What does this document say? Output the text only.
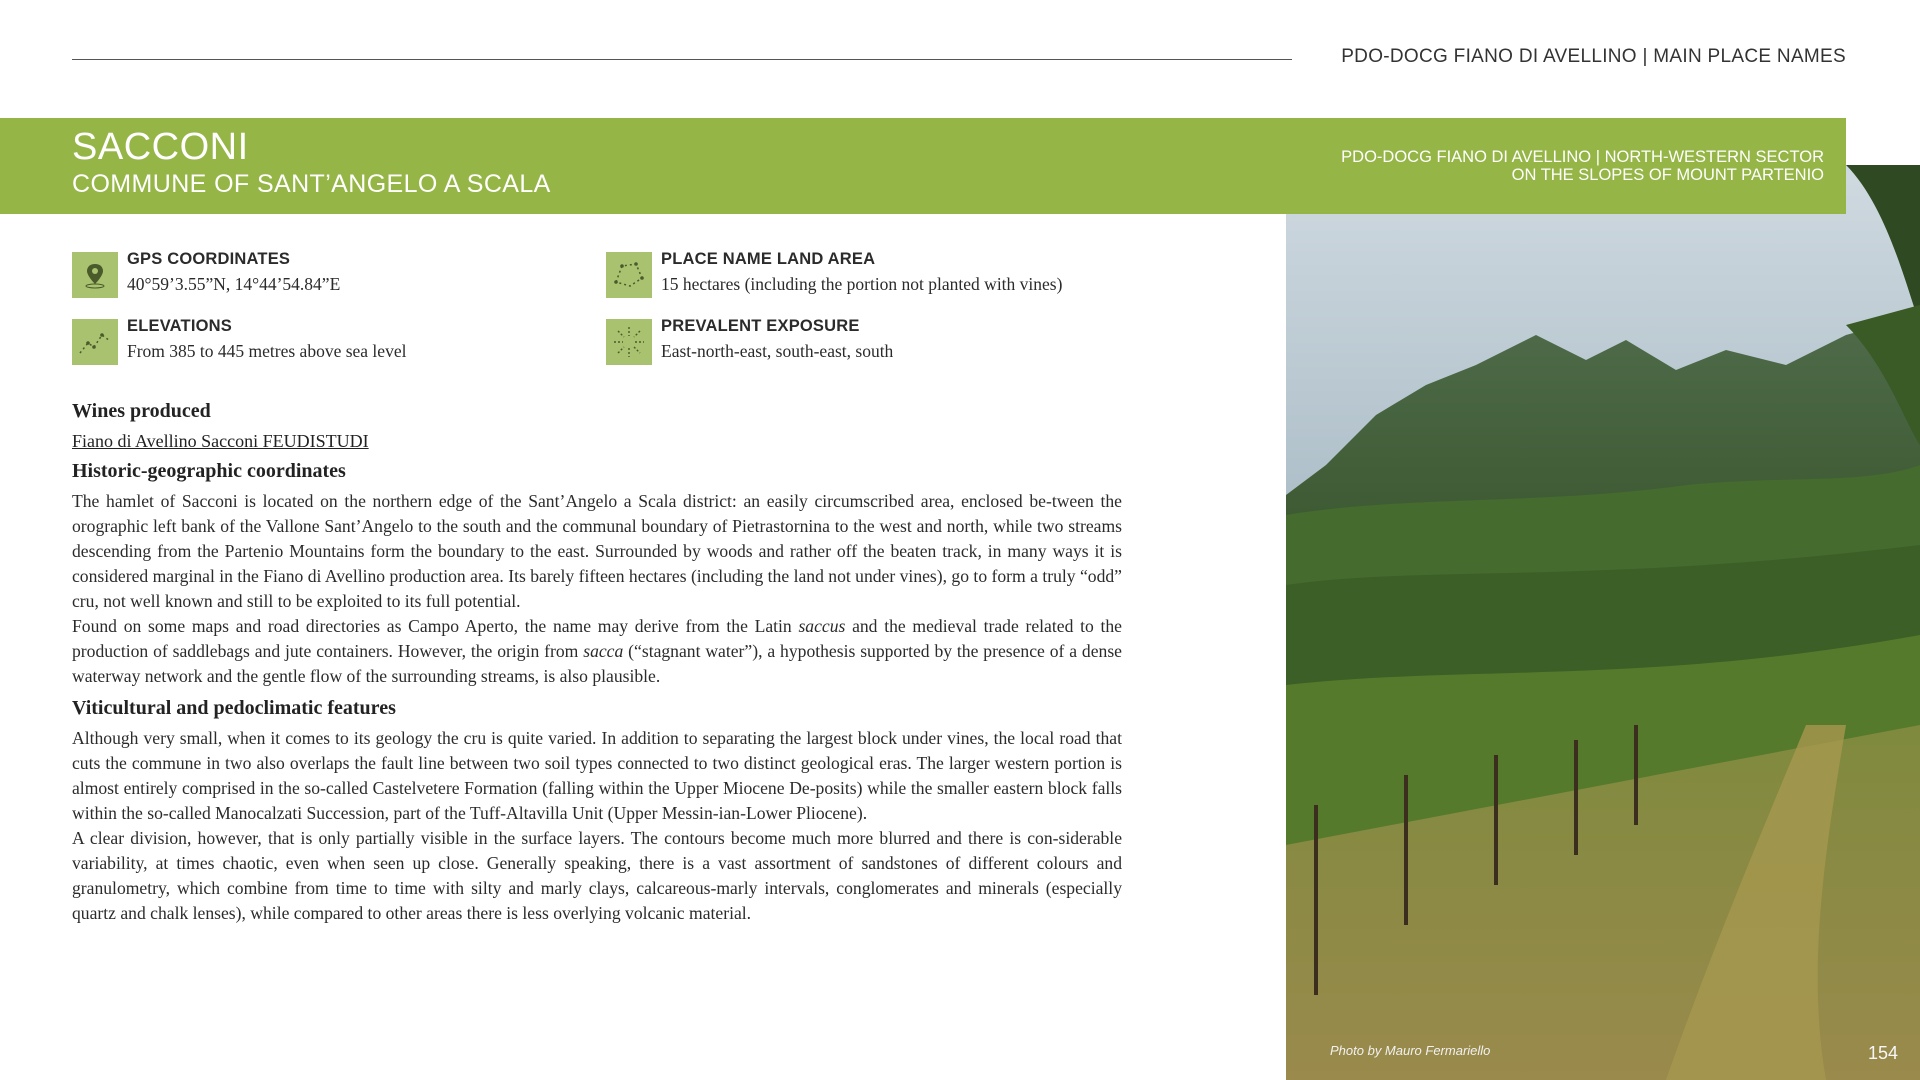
PDO-DOCG FIANO DI AVELLINO | MAIN PLACE NAMES
Photo by Mauro Fermariello	154
SACCONI
COMMUNE OF SANT’ANGELO A SCALA
PDO-DOCG FIANO DI AVELLINO | NORTH-WESTERN SECTOR
ON THE SLOPES OF MOUNT PARTENIO
GPS COORDINATES
40°59’3.55”N, 14°44’54.84”E
PLACE NAME LAND AREA
15 hectares (including the portion not planted with vines)
ELEVATIONS
From 385 to 445 metres above sea level
PREVALENT EXPOSURE
East-north-east, south-east, south
Wines produced
Fiano di Avellino Sacconi FEUDISTUDI
Historic-geographic coordinates

The hamlet of Sacconi is located on the northern edge of the Sant’Angelo a Scala district: an easily circumscribed area, enclosed be-tween the orographic left bank of the Vallone Sant’Angelo to the south and the communal boundary of Pietrastornina to the west and north, while two streams descending from the Partenio Mountains form the boundary to the east. Surrounded by woods and rather off the beaten track, in many ways it is considered marginal in the Fiano di Avellino production area. Its barely fifteen hectares (including the land not under vines), go to form a truly “odd” cru, not well known and still to be exploited to its full potential.

Found on some maps and road directories as Campo Aperto, the name may derive from the Latin saccus and the medieval trade related to the production of saddlebags and jute containers. However, the origin from sacca (“stagnant water”), a hypothesis supported by the presence of a dense waterway network and the gentle flow of the surrounding streams, is also plausible.

Viticultural and pedoclimatic features

Although very small, when it comes to its geology the cru is quite varied. In addition to separating the largest block under vines, the local road that cuts the commune in two also overlaps the fault line between two soil types connected to two distinct geological eras. The larger western portion is almost entirely comprised in the so-called Castelvetere Formation (falling within the Upper Miocene De-posits) while the smaller eastern block falls within the so-called Manocalzati Succession, part of the Tuff-Altavilla Unit (Upper Messin-ian-Lower Pliocene).

A clear division, however, that is only partially visible in the surface layers. The contours become much more blurred and there is con-siderable variability, at times chaotic, even when seen up close. Generally speaking, there is a vast assortment of sandstones of different colours and granulometry, which combine from time to time with silty and marly clays, calcareous-marly intervals, conglomerates and minerals (especially quartz and chalk lenses), while compared to other areas there is less overlying volcanic material.
